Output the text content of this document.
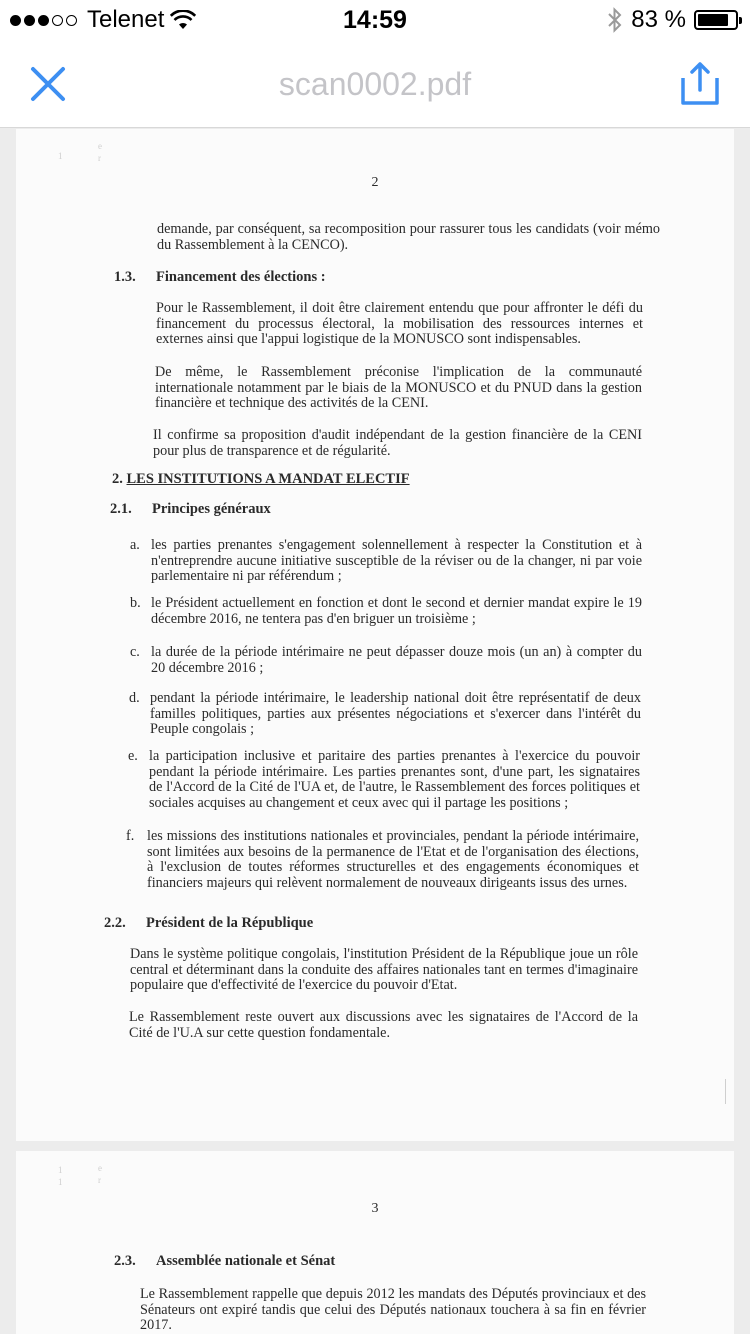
Telenet	14:59	83 %
scan0002.pdf
1
e
r
2
demande, par conséquent, sa recomposition pour rassurer tous les candidats (voir mémo du Rassemblement à la CENCO).
1.3. Financement des élections :
Pour le Rassemblement, il doit être clairement entendu que pour affronter le défi du financement du processus électoral, la mobilisation des ressources internes et externes ainsi que l'appui logistique de la MONUSCO sont indispensables.
De même, le Rassemblement préconise l'implication de la communauté internationale notamment par le biais de la MONUSCO et du PNUD dans la gestion financière et technique des activités de la CENI.
Il confirme sa proposition d'audit indépendant de la gestion financière de la CENI pour plus de transparence et de régularité.
2. LES INSTITUTIONS A MANDAT ELECTIF
2.1. Principes généraux
a. les parties prenantes s'engagement solennellement à respecter la Constitution et à n'entreprendre aucune initiative susceptible de la réviser ou de la changer, ni par voie parlementaire ni par référendum ;
b. le Président actuellement en fonction et dont le second et dernier mandat expire le 19 décembre 2016, ne tentera pas d'en briguer un troisième ;
c. la durée de la période intérimaire ne peut dépasser douze mois (un an) à compter du 20 décembre 2016 ;
d. pendant la période intérimaire, le leadership national doit être représentatif de deux familles politiques, parties aux présentes négociations et s'exercer dans l'intérêt du Peuple congolais ;
e. la participation inclusive et paritaire des parties prenantes à l'exercice du pouvoir pendant la période intérimaire. Les parties prenantes sont, d'une part, les signataires de l'Accord de la Cité de l'UA et, de l'autre, le Rassemblement des forces politiques et sociales acquises au changement et ceux avec qui il partage les positions ;
f. les missions des institutions nationales et provinciales, pendant la période intérimaire, sont limitées aux besoins de la permanence de l'Etat et de l'organisation des élections, à l'exclusion de toutes réformes structurelles et des engagements économiques et financiers majeurs qui relèvent normalement de nouveaux dirigeants issus des urnes.
2.2. Président de la République
Dans le système politique congolais, l'institution Président de la République joue un rôle central et déterminant dans la conduite des affaires nationales tant en termes d'imaginaire populaire que d'effectivité de l'exercice du pouvoir d'Etat.
Le Rassemblement reste ouvert aux discussions avec les signataires de l'Accord de la Cité de l'U.A sur cette question fondamentale.
1	e
r
1
3
2.3. Assemblée nationale et Sénat
Le Rassemblement rappelle que depuis 2012 les mandats des Députés provinciaux et des Sénateurs ont expiré tandis que celui des Députés nationaux touchera à sa fin en février 2017.
